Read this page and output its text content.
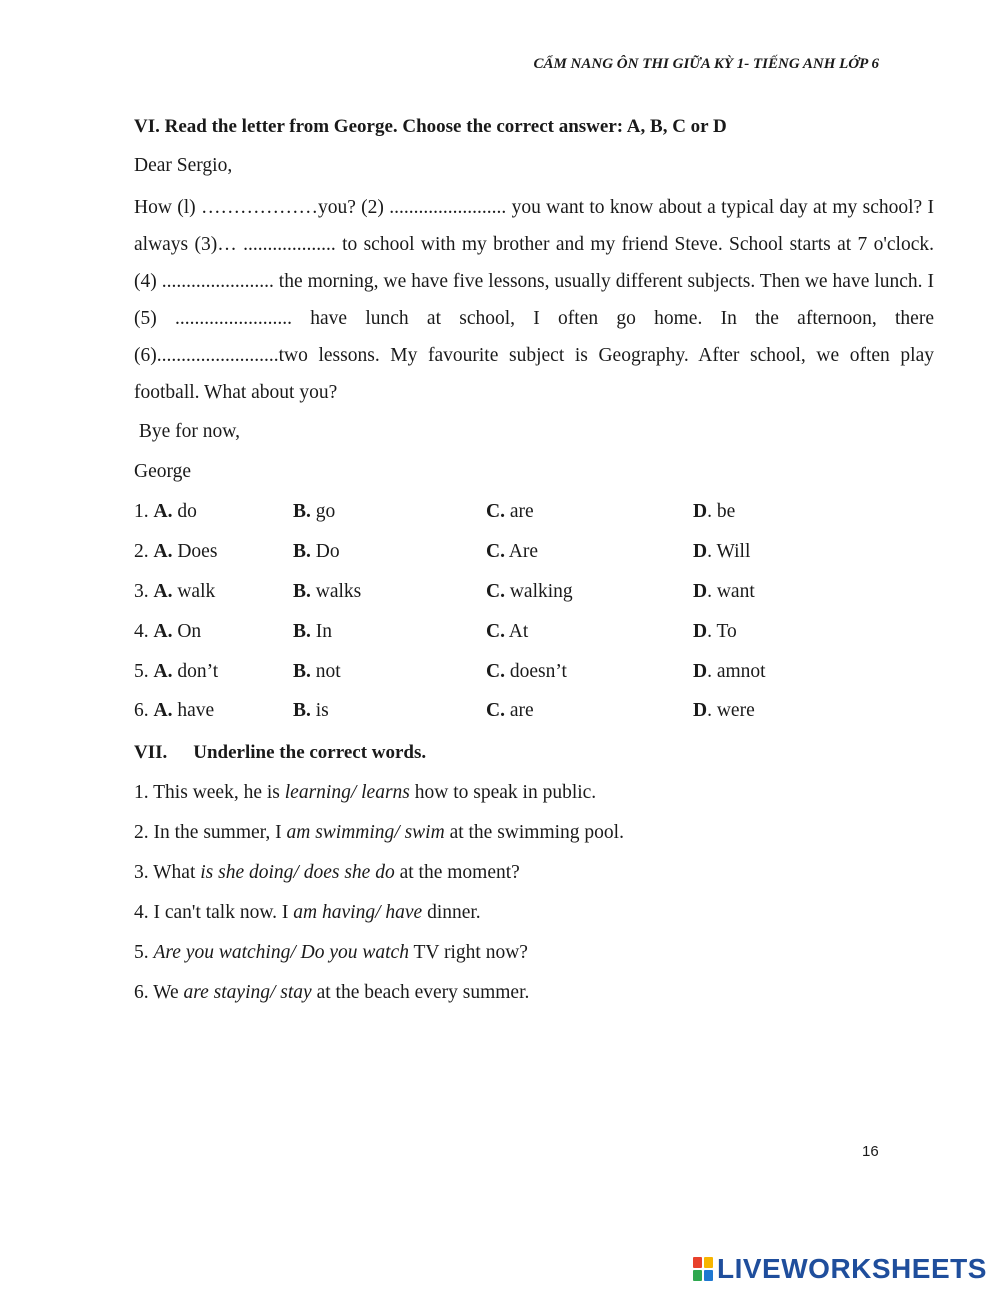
CẨM NANG ÔN THI GIỮA KỲ 1- TIẾNG ANH LỚP 6
VI. Read the letter from George. Choose the correct answer: A, B, C or D
Dear Sergio,
How (l) ………………you? (2) ........................ you want to know about a typical day at my school? I always (3)… ................... to school with my brother and my friend Steve. School starts at 7 o'clock. (4) ....................... the morning, we have five lessons, usually different subjects. Then we have lunch. I (5) ........................ have lunch at school, I often go home. In the afternoon, there (6).........................two lessons. My favourite subject is Geography. After school, we often play football. What about you?
Bye for now,
George
1. A. do	B. go	C. are	D. be
2. A. Does	B. Do	C. Are	D. Will
3. A. walk	B. walks	C. walking	D. want
4. A. On	B. In	C. At	D. To
5. A. don’t	B. not	C. doesn’t	D. amnot
6. A. have	B. is	C. are	D. were
VII. Underline the correct words.
1. This week, he is learning/ learns how to speak in public.
2. In the summer, I am swimming/ swim at the swimming pool.
3. What is she doing/ does she do at the moment?
4. I can't talk now. I am having/ have dinner.
5. Are you watching/ Do you watch TV right now?
6. We are staying/ stay at the beach every summer.
16
LIVEWORKSHEETS
